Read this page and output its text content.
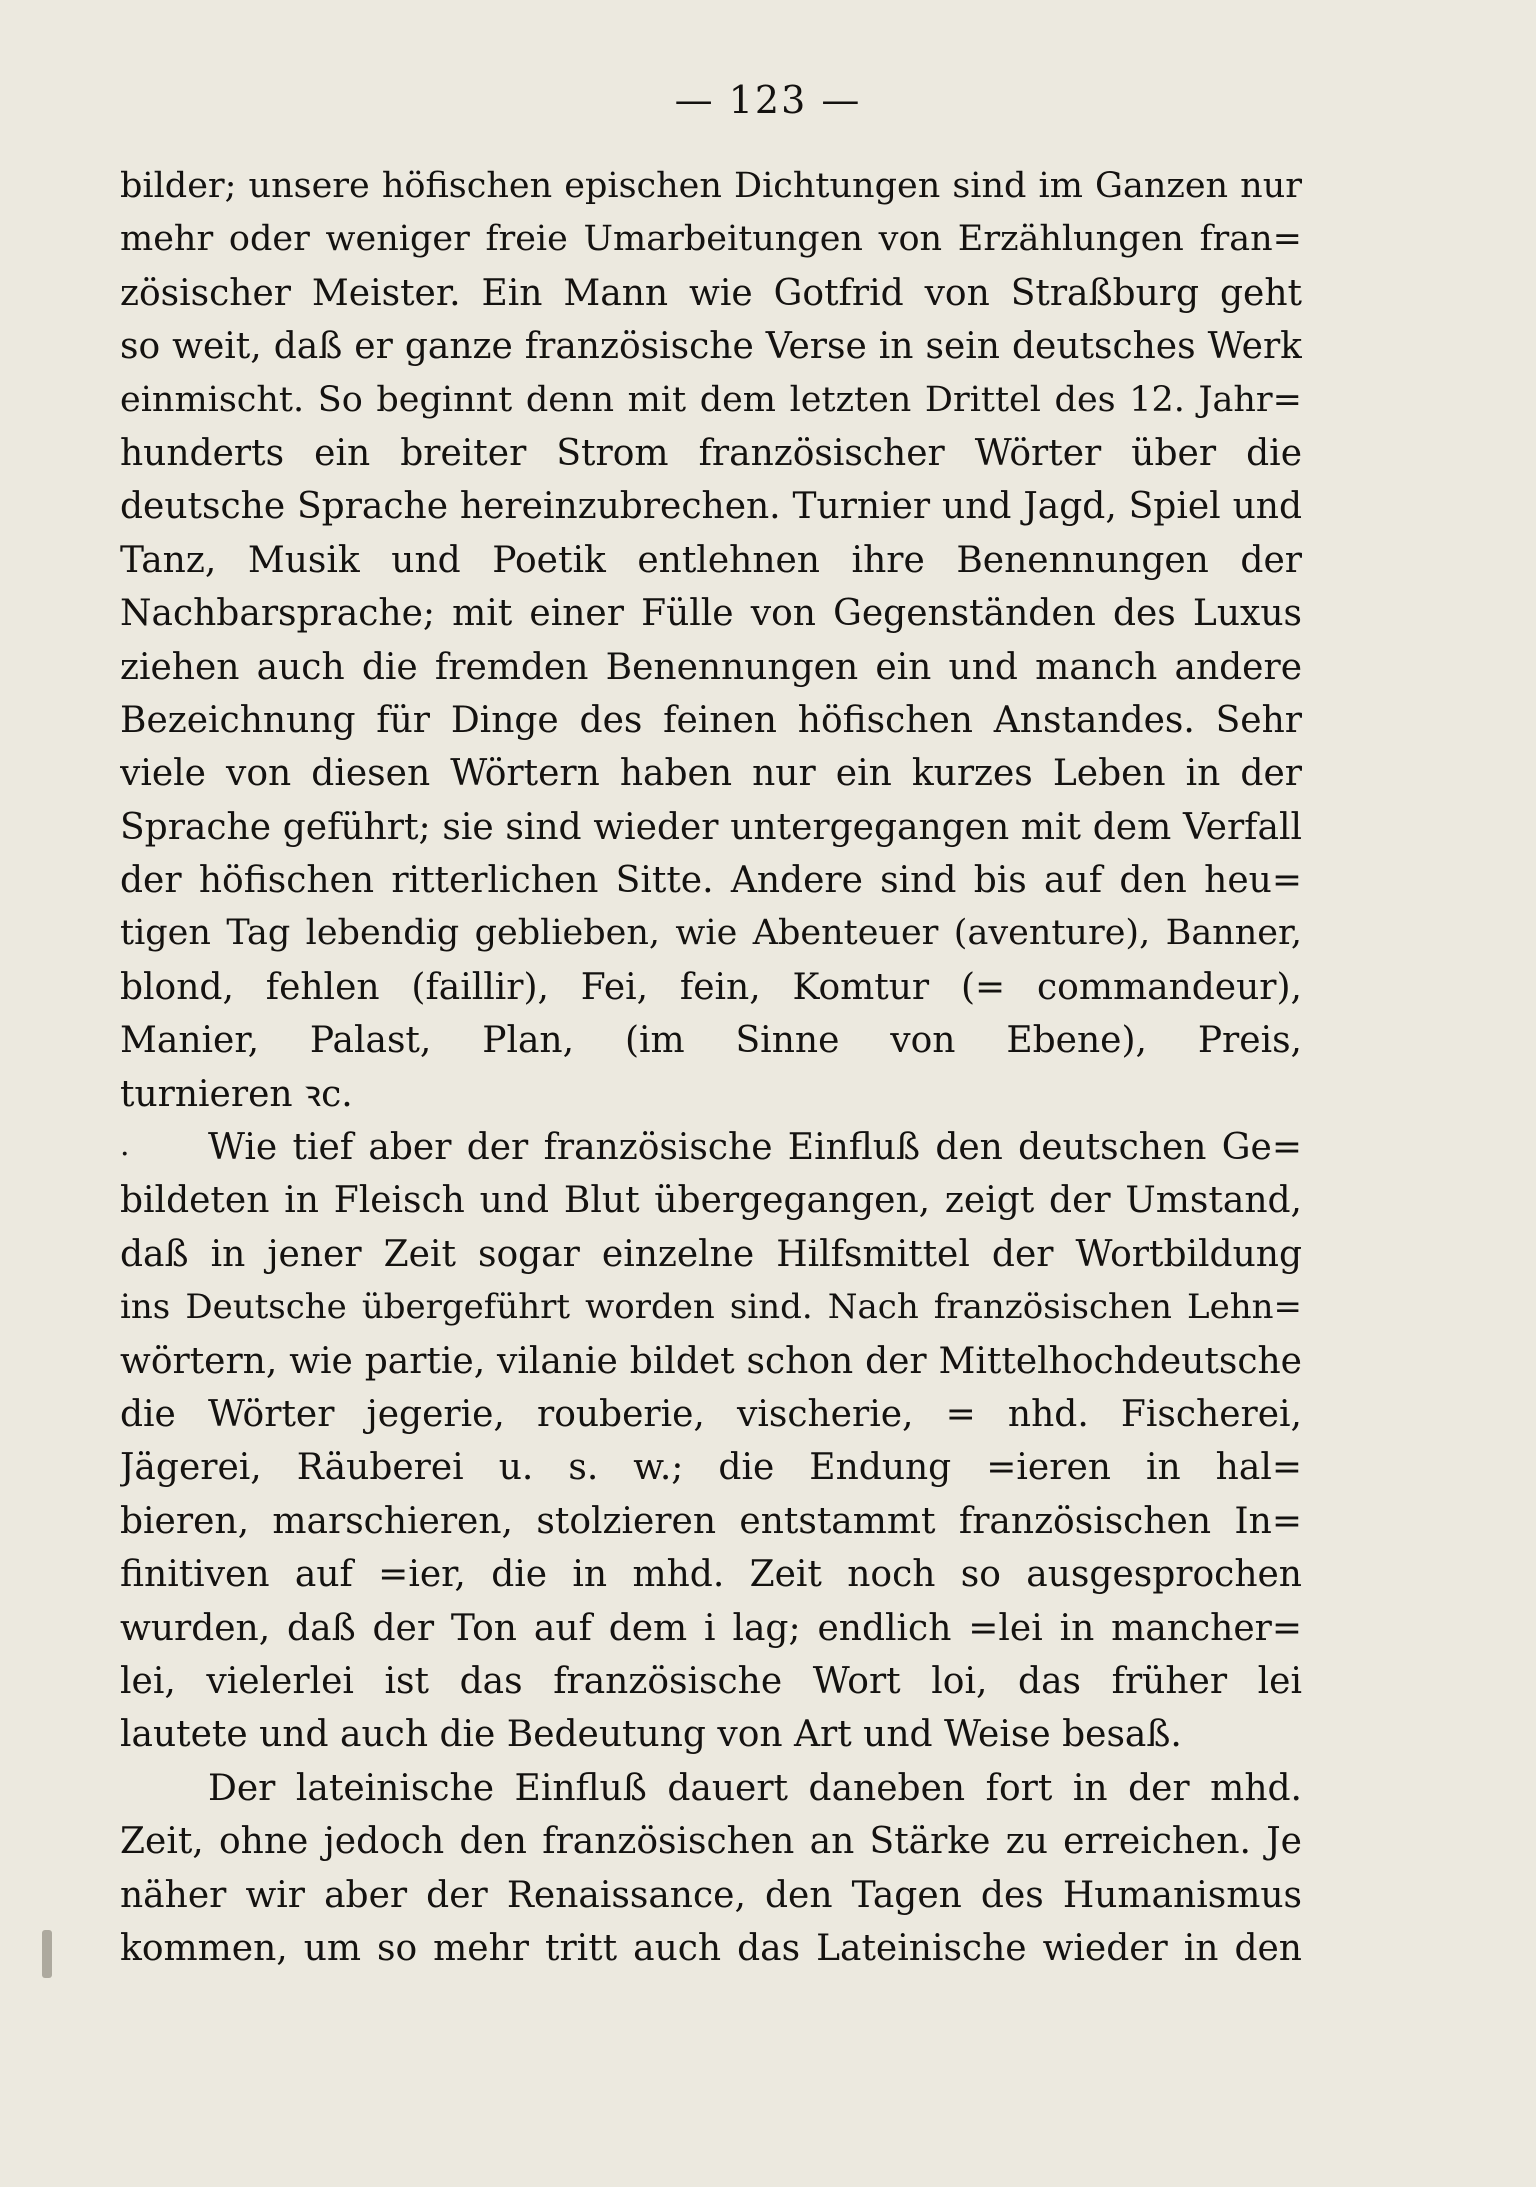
— 123 —
·
bilder; unsere höfischen epischen Dichtungen sind im Ganzen nur
mehr oder weniger freie Umarbeitungen von Erzählungen fran=
zösischer Meister. Ein Mann wie Gotfrid von Straßburg geht
so weit, daß er ganze französische Verse in sein deutsches Werk
einmischt. So beginnt denn mit dem letzten Drittel des 12. Jahr=
hunderts ein breiter Strom französischer Wörter über die
deutsche Sprache hereinzubrechen. Turnier und Jagd, Spiel und
Tanz, Musik und Poetik entlehnen ihre Benennungen der
Nachbarsprache; mit einer Fülle von Gegenständen des Luxus
ziehen auch die fremden Benennungen ein und manch andere
Bezeichnung für Dinge des feinen höfischen Anstandes. Sehr
viele von diesen Wörtern haben nur ein kurzes Leben in der
Sprache geführt; sie sind wieder untergegangen mit dem Verfall
der höfischen ritterlichen Sitte. Andere sind bis auf den heu=
tigen Tag lebendig geblieben, wie Abenteuer (aventure), Banner,
blond, fehlen (faillir), Fei, fein, Komtur (= commandeur),
Manier, Palast, Plan, (im Sinne von Ebene), Preis,
turnieren ꝛc.
Wie tief aber der französische Einfluß den deutschen Ge=
bildeten in Fleisch und Blut übergegangen, zeigt der Umstand,
daß in jener Zeit sogar einzelne Hilfsmittel der Wortbildung
ins Deutsche übergeführt worden sind. Nach französischen Lehn=
wörtern, wie partie, vilanie bildet schon der Mittelhochdeutsche
die Wörter jegerie, rouberie, vischerie, = nhd. Fischerei,
Jägerei, Räuberei u. s. w.; die Endung =ieren in hal=
bieren, marschieren, stolzieren entstammt französischen In=
finitiven auf =ier, die in mhd. Zeit noch so ausgesprochen
wurden, daß der Ton auf dem i lag; endlich =lei in mancher=
lei, vielerlei ist das französische Wort loi, das früher lei
lautete und auch die Bedeutung von Art und Weise besaß.
Der lateinische Einfluß dauert daneben fort in der mhd.
Zeit, ohne jedoch den französischen an Stärke zu erreichen. Je
näher wir aber der Renaissance, den Tagen des Humanismus
kommen, um so mehr tritt auch das Lateinische wieder in den
